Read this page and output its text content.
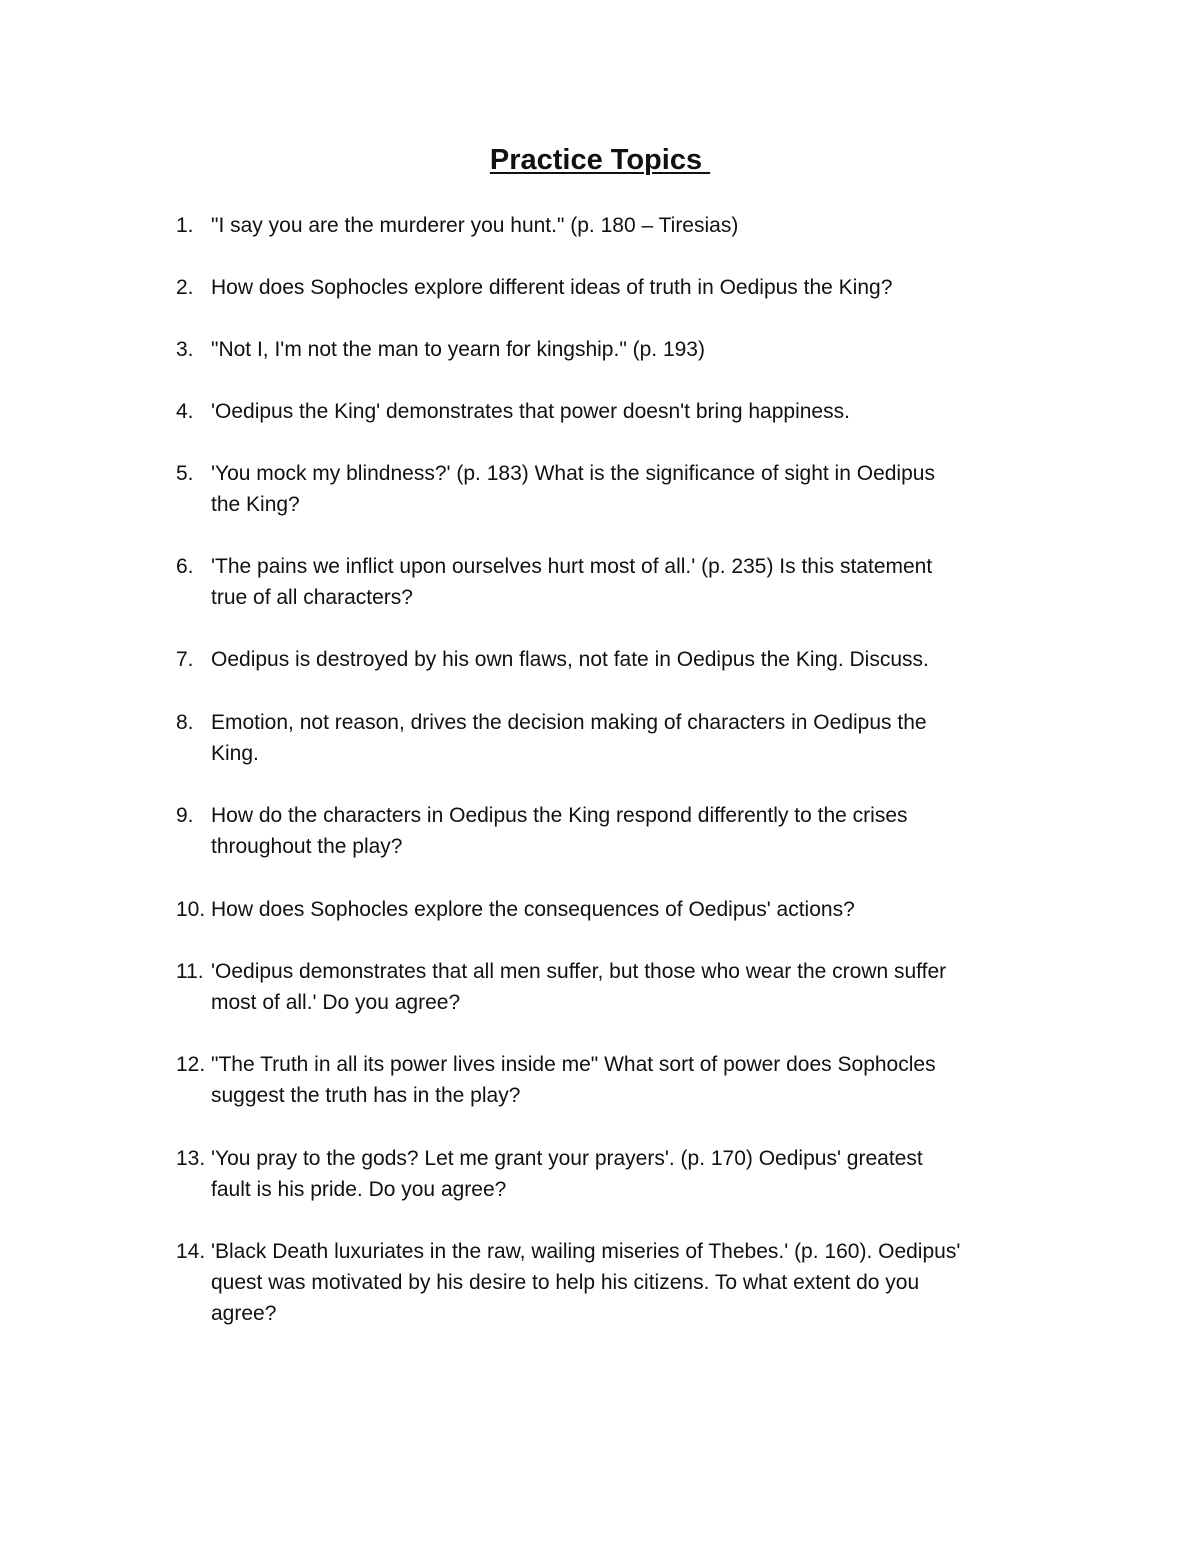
Practice Topics
1. "I say you are the murderer you hunt." (p. 180 – Tiresias)
2. How does Sophocles explore different ideas of truth in Oedipus the King?
3. "Not I, I'm not the man to yearn for kingship." (p. 193)
4. 'Oedipus the King' demonstrates that power doesn't bring happiness.
5. 'You mock my blindness?' (p. 183) What is the significance of sight in Oedipus
the King?
6. 'The pains we inflict upon ourselves hurt most of all.' (p. 235) Is this statement
true of all characters?
7. Oedipus is destroyed by his own flaws, not fate in Oedipus the King. Discuss.
8. Emotion, not reason, drives the decision making of characters in Oedipus the
King.
9. How do the characters in Oedipus the King respond differently to the crises
throughout the play?
10. How does Sophocles explore the consequences of Oedipus' actions?
11. 'Oedipus demonstrates that all men suffer, but those who wear the crown suffer
most of all.' Do you agree?
12. "The Truth in all its power lives inside me" What sort of power does Sophocles
suggest the truth has in the play?
13. 'You pray to the gods? Let me grant your prayers'. (p. 170) Oedipus' greatest
fault is his pride. Do you agree?
14. 'Black Death luxuriates in the raw, wailing miseries of Thebes.' (p. 160). Oedipus'
quest was motivated by his desire to help his citizens. To what extent do you
agree?
